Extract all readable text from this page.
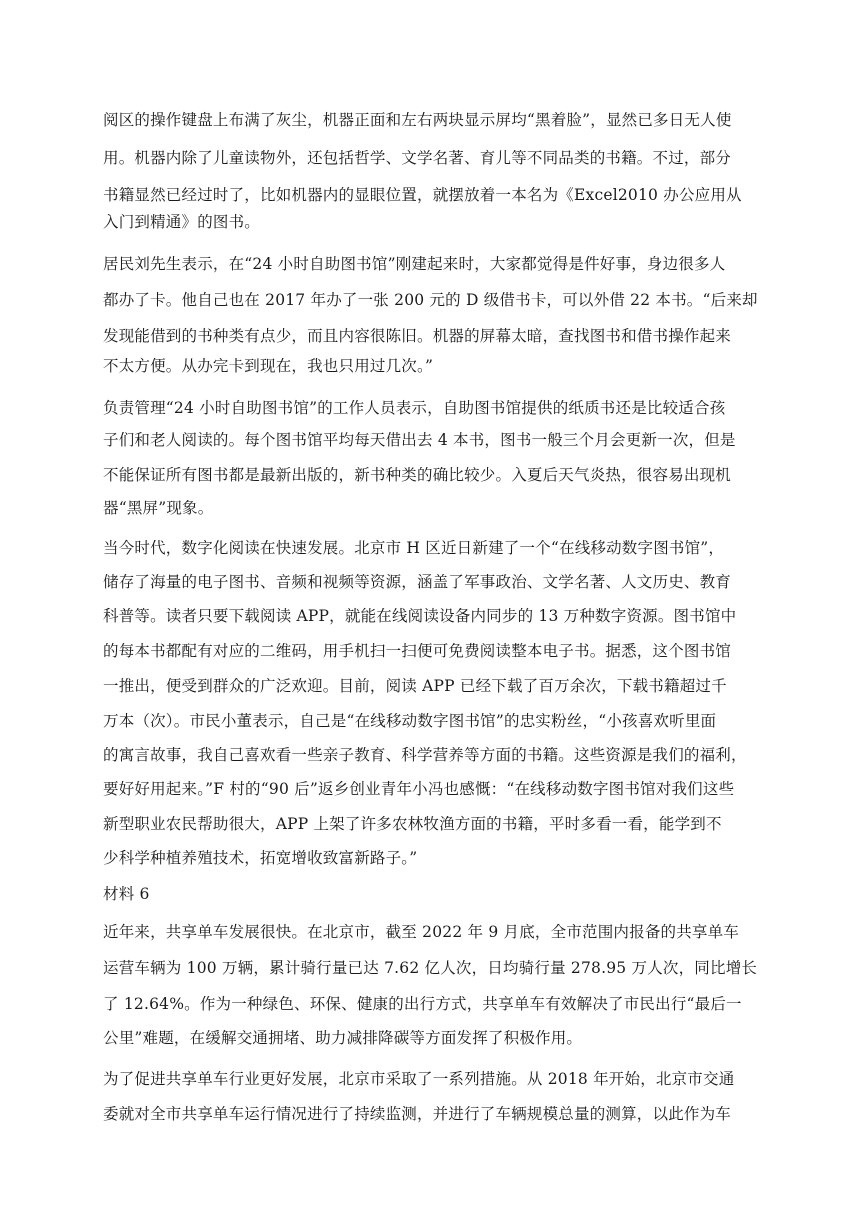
阅区的操作键盘上布满了灰尘，机器正面和左右两块显示屏均“黑着脸”，显然已多日无人使
用。机器内除了儿童读物外，还包括哲学、文学名著、育儿等不同品类的书籍。不过，部分
书籍显然已经过时了，比如机器内的显眼位置，就摆放着一本名为《Excel2010 办公应用从
入门到精通》的图书。
居民刘先生表示，在“24 小时自助图书馆”刚建起来时，大家都觉得是件好事，身边很多人
都办了卡。他自己也在 2017 年办了一张 200 元的 D 级借书卡，可以外借 22 本书。“后来却
发现能借到的书种类有点少，而且内容很陈旧。机器的屏幕太暗，查找图书和借书操作起来
不太方便。从办完卡到现在，我也只用过几次。”
负责管理“24 小时自助图书馆”的工作人员表示，自助图书馆提供的纸质书还是比较适合孩
子们和老人阅读的。每个图书馆平均每天借出去 4 本书，图书一般三个月会更新一次，但是
不能保证所有图书都是最新出版的，新书种类的确比较少。入夏后天气炎热，很容易出现机
器“黑屏”现象。
当今时代，数字化阅读在快速发展。北京市 H 区近日新建了一个“在线移动数字图书馆”，
储存了海量的电子图书、音频和视频等资源，涵盖了军事政治、文学名著、人文历史、教育
科普等。读者只要下载阅读 APP，就能在线阅读设备内同步的 13 万种数字资源。图书馆中
的每本书都配有对应的二维码，用手机扫一扫便可免费阅读整本电子书。据悉，这个图书馆
一推出，便受到群众的广泛欢迎。目前，阅读 APP 已经下载了百万余次，下载书籍超过千
万本（次）。市民小董表示，自己是“在线移动数字图书馆”的忠实粉丝，“小孩喜欢听里面
的寓言故事，我自己喜欢看一些亲子教育、科学营养等方面的书籍。这些资源是我们的福利，
要好好用起来。”F 村的“90 后”返乡创业青年小冯也感慨：“在线移动数字图书馆对我们这些
新型职业农民帮助很大，APP 上架了许多农林牧渔方面的书籍，平时多看一看，能学到不
少科学种植养殖技术，拓宽增收致富新路子。”
材料 6
近年来，共享单车发展很快。在北京市，截至 2022 年 9 月底，全市范围内报备的共享单车
运营车辆为 100 万辆，累计骑行量已达 7.62 亿人次，日均骑行量 278.95 万人次，同比增长
了 12.64%。作为一种绿色、环保、健康的出行方式，共享单车有效解决了市民出行“最后一
公里”难题，在缓解交通拥堵、助力减排降碳等方面发挥了积极作用。
为了促进共享单车行业更好发展，北京市采取了一系列措施。从 2018 年开始，北京市交通
委就对全市共享单车运行情况进行了持续监测，并进行了车辆规模总量的测算，以此作为车
